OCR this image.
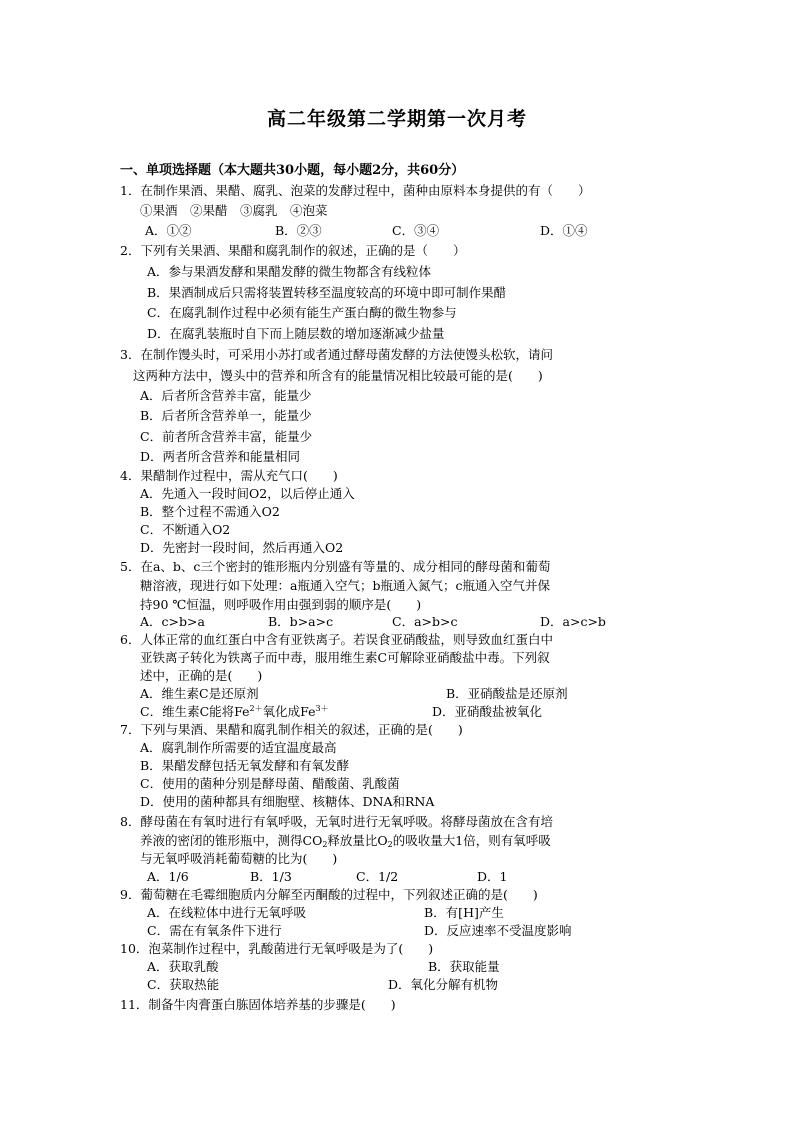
高二年级第二学期第一次月考
一、单项选择题（本大题共30小题，每小题2分，共60分）
1．在制作果酒、果醋、腐乳、泡菜的发酵过程中，菌种由原料本身提供的有（　　）
①果酒　②果醋　③腐乳　④泡菜
A．①②	B．②③	C．③④	D．①④
2．下列有关果酒、果醋和腐乳制作的叙述，正确的是（　　）
A．参与果酒发酵和果醋发酵的微生物都含有线粒体
B．果酒制成后只需将装置转移至温度较高的环境中即可制作果醋
C．在腐乳制作过程中必须有能生产蛋白酶的微生物参与
D．在腐乳装瓶时自下而上随层数的增加逐渐减少盐量
3．在制作馒头时，可采用小苏打或者通过酵母菌发酵的方法使馒头松软，请问
这两种方法中，馒头中的营养和所含有的能量情况相比较最可能的是(　　)
A．后者所含营养丰富，能量少
B．后者所含营养单一，能量少
C．前者所含营养丰富，能量少
D．两者所含营养和能量相同
4．果醋制作过程中，需从充气口(　　)
A．先通入一段时间O2，以后停止通入
B．整个过程不需通入O2
C．不断通入O2
D．先密封一段时间，然后再通入O2
5．在a、b、c三个密封的锥形瓶内分别盛有等量的、成分相同的酵母菌和葡萄
糖溶液，现进行如下处理：a瓶通入空气；b瓶通入氮气；c瓶通入空气并保
持90 ℃恒温，则呼吸作用由强到弱的顺序是(　　)
A．c>b>a	B．b>a>c	C．a>b>c	D．a>c>b
6．人体正常的血红蛋白中含有亚铁离子。若误食亚硝酸盐，则导致血红蛋白中
亚铁离子转化为铁离子而中毒，服用维生素C可解除亚硝酸盐中毒。下列叙
述中，正确的是(　　)
A．维生素C是还原剂	B．亚硝酸盐是还原剂
C．维生素C能将$Fe^{2+}$氧化成$Fe^{3+}$	D．亚硝酸盐被氧化
7．下列与果酒、果醋和腐乳制作相关的叙述，正确的是(　　)
A．腐乳制作所需要的适宜温度最高
B．果醋发酵包括无氧发酵和有氧发酵
C．使用的菌种分别是酵母菌、醋酸菌、乳酸菌
D．使用的菌种都具有细胞壁、核糖体、DNA和RNA
8．酵母菌在有氧时进行有氧呼吸，无氧时进行无氧呼吸。将酵母菌放在含有培
养液的密闭的锥形瓶中，测得$CO_2$释放量比$O_2$的吸收量大1倍，则有氧呼吸
与无氧呼吸消耗葡萄糖的比为(　　)
A．1/6	B．1/3	C．1/2	D．1
9．葡萄糖在毛霉细胞质内分解至丙酮酸的过程中，下列叙述正确的是(　　)
A．在线粒体中进行无氧呼吸	B．有[H]产生
C．需在有氧条件下进行	D．反应速率不受温度影响
10．泡菜制作过程中，乳酸菌进行无氧呼吸是为了(　　)
A．获取乳酸	B．获取能量
C．获取热能	D．氧化分解有机物
11．制备牛肉膏蛋白胨固体培养基的步骤是(　　)
